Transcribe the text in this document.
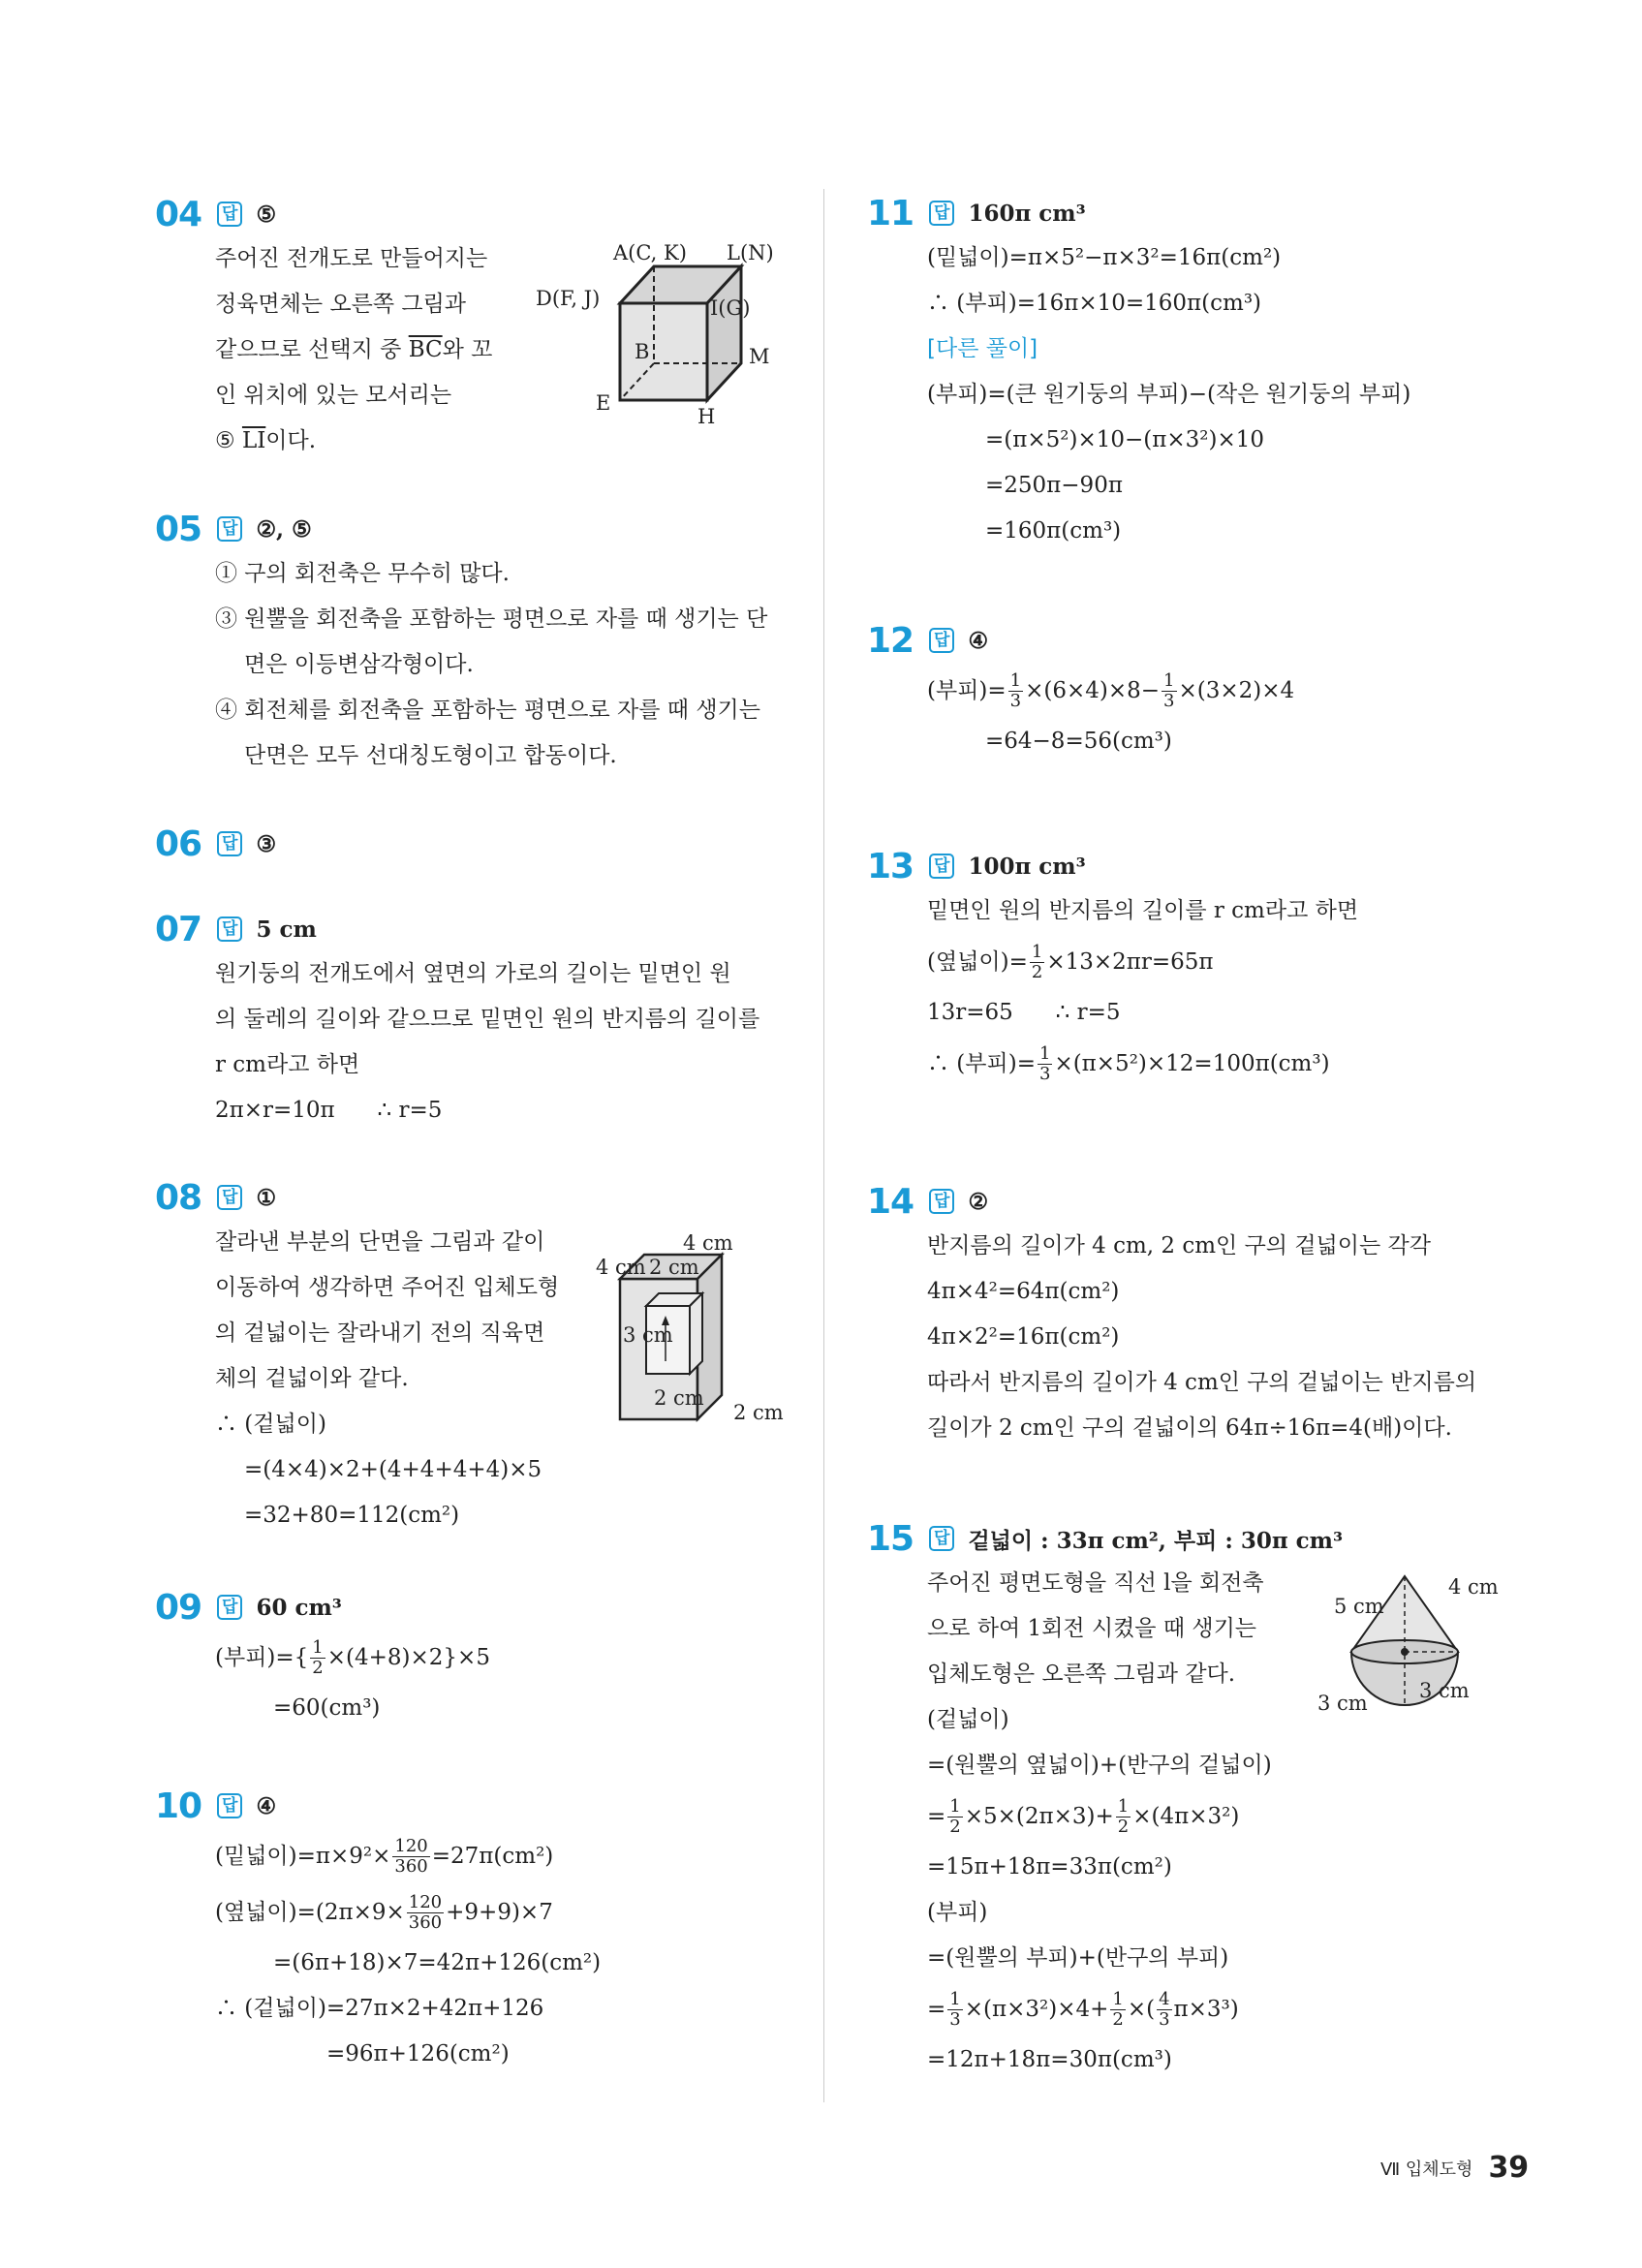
04 답 ⑤
주어진 전개도로 만들어지는
정육면체는 오른쪽 그림과
같으므로 선택지 중 $\overline{BC}$와 꼬
인 위치에 있는 모서리는
⑤ $\overline{LI}$이다.
05 답 ②, ⑤
① 구의 회전축은 무수히 많다.
③ 원뿔을 회전축을 포함하는 평면으로 자를 때 생기는 단
면은 이등변삼각형이다.
④ 회전체를 회전축을 포함하는 평면으로 자를 때 생기는
단면은 모두 선대칭도형이고 합동이다.
06 답 ③
07 답 5 cm
원기둥의 전개도에서 옆면의 가로의 길이는 밑면인 원
의 둘레의 길이와 같으므로 밑면인 원의 반지름의 길이를
r cm라고 하면
2π×r=10π      ∴ r=5
08 답 ①
잘라낸 부분의 단면을 그림과 같이
이동하여 생각하면 주어진 입체도형
의 겉넓이는 잘라내기 전의 직육면
체의 겉넓이와 같다.
∴ (겉넓이)
=(4×4)×2+(4+4+4+4)×5
=32+80=112(cm²)
09 답 60 cm³
(부피)={ $\frac{1}{2} \times(4+8)\times 2\}\times 5$
=60(cm³)
10 답 ④
(밑넓이)$=\pi\times 9^2\times \frac{120}{360} =27\pi(cm^2)$
(옆넓이)$=(2\pi\times 9\times \frac{120}{360} +9+9)\times 7$
=(6π+18)×7=42π+126(cm²)
∴ (겉넓이)=27π×2+42π+126
=96π+126(cm²)
11 답 160π cm³
(밑넓이)=π×5²−π×3²=16π(cm²)
∴ (부피)=16π×10=160π(cm³)
[다른 풀이]
(부피)=(큰 원기둥의 부피)−(작은 원기둥의 부피)
=(π×5²)×10−(π×3²)×10
=250π−90π
=160π(cm³)
12 답 ④
(부피)= $\frac{1}{3} \times(6\times 4)\times 8- \frac{1}{3} \times(3\times 2)\times 4$
=64−8=56(cm³)
13 답 100π cm³
밑면인 원의 반지름의 길이를 r cm라고 하면
(옆넓이)= $\frac{1}{2} \times 13\times 2\pi r=65\pi$
13r=65      ∴ r=5
∴ (부피)= $\frac{1}{3} \times(\pi\times 5^2)\times 12=100\pi(cm^3)$
14 답 ②
반지름의 길이가 4 cm, 2 cm인 구의 겉넓이는 각각
4π×4²=64π(cm²)
4π×2²=16π(cm²)
따라서 반지름의 길이가 4 cm인 구의 겉넓이는 반지름의
길이가 2 cm인 구의 겉넓이의 64π÷16π=4(배)이다.
15 답 겉넓이 : 33π cm², 부피 : 30π cm³
주어진 평면도형을 직선 l을 회전축
으로 하여 1회전 시켰을 때 생기는
입체도형은 오른쪽 그림과 같다.
(겉넓이)
=(원뿔의 옆넓이)+(반구의 겉넓이)
= $\frac{1}{2} \times 5\times(2\pi\times 3)+ \frac{1}{2} \times(4\pi\times 3^2)$
=15π+18π=33π(cm²)
(부피)
=(원뿔의 부피)+(반구의 부피)
= $\frac{1}{3} \times(\pi\times 3^2)\times 4+ \frac{1}{2}$ ×( $\frac{4}{3} \pi\times 3^3$)
=12π+18π=30π(cm³)
A(C, K) L(N)
D(F, J)	I(G)
B	M
E
H
4 cm
4 cm 2 cm
3 cm
2 cm
2 cm
5 cm
4 cm
3 cm
3 cm
Ⅶ 입체도형 39
